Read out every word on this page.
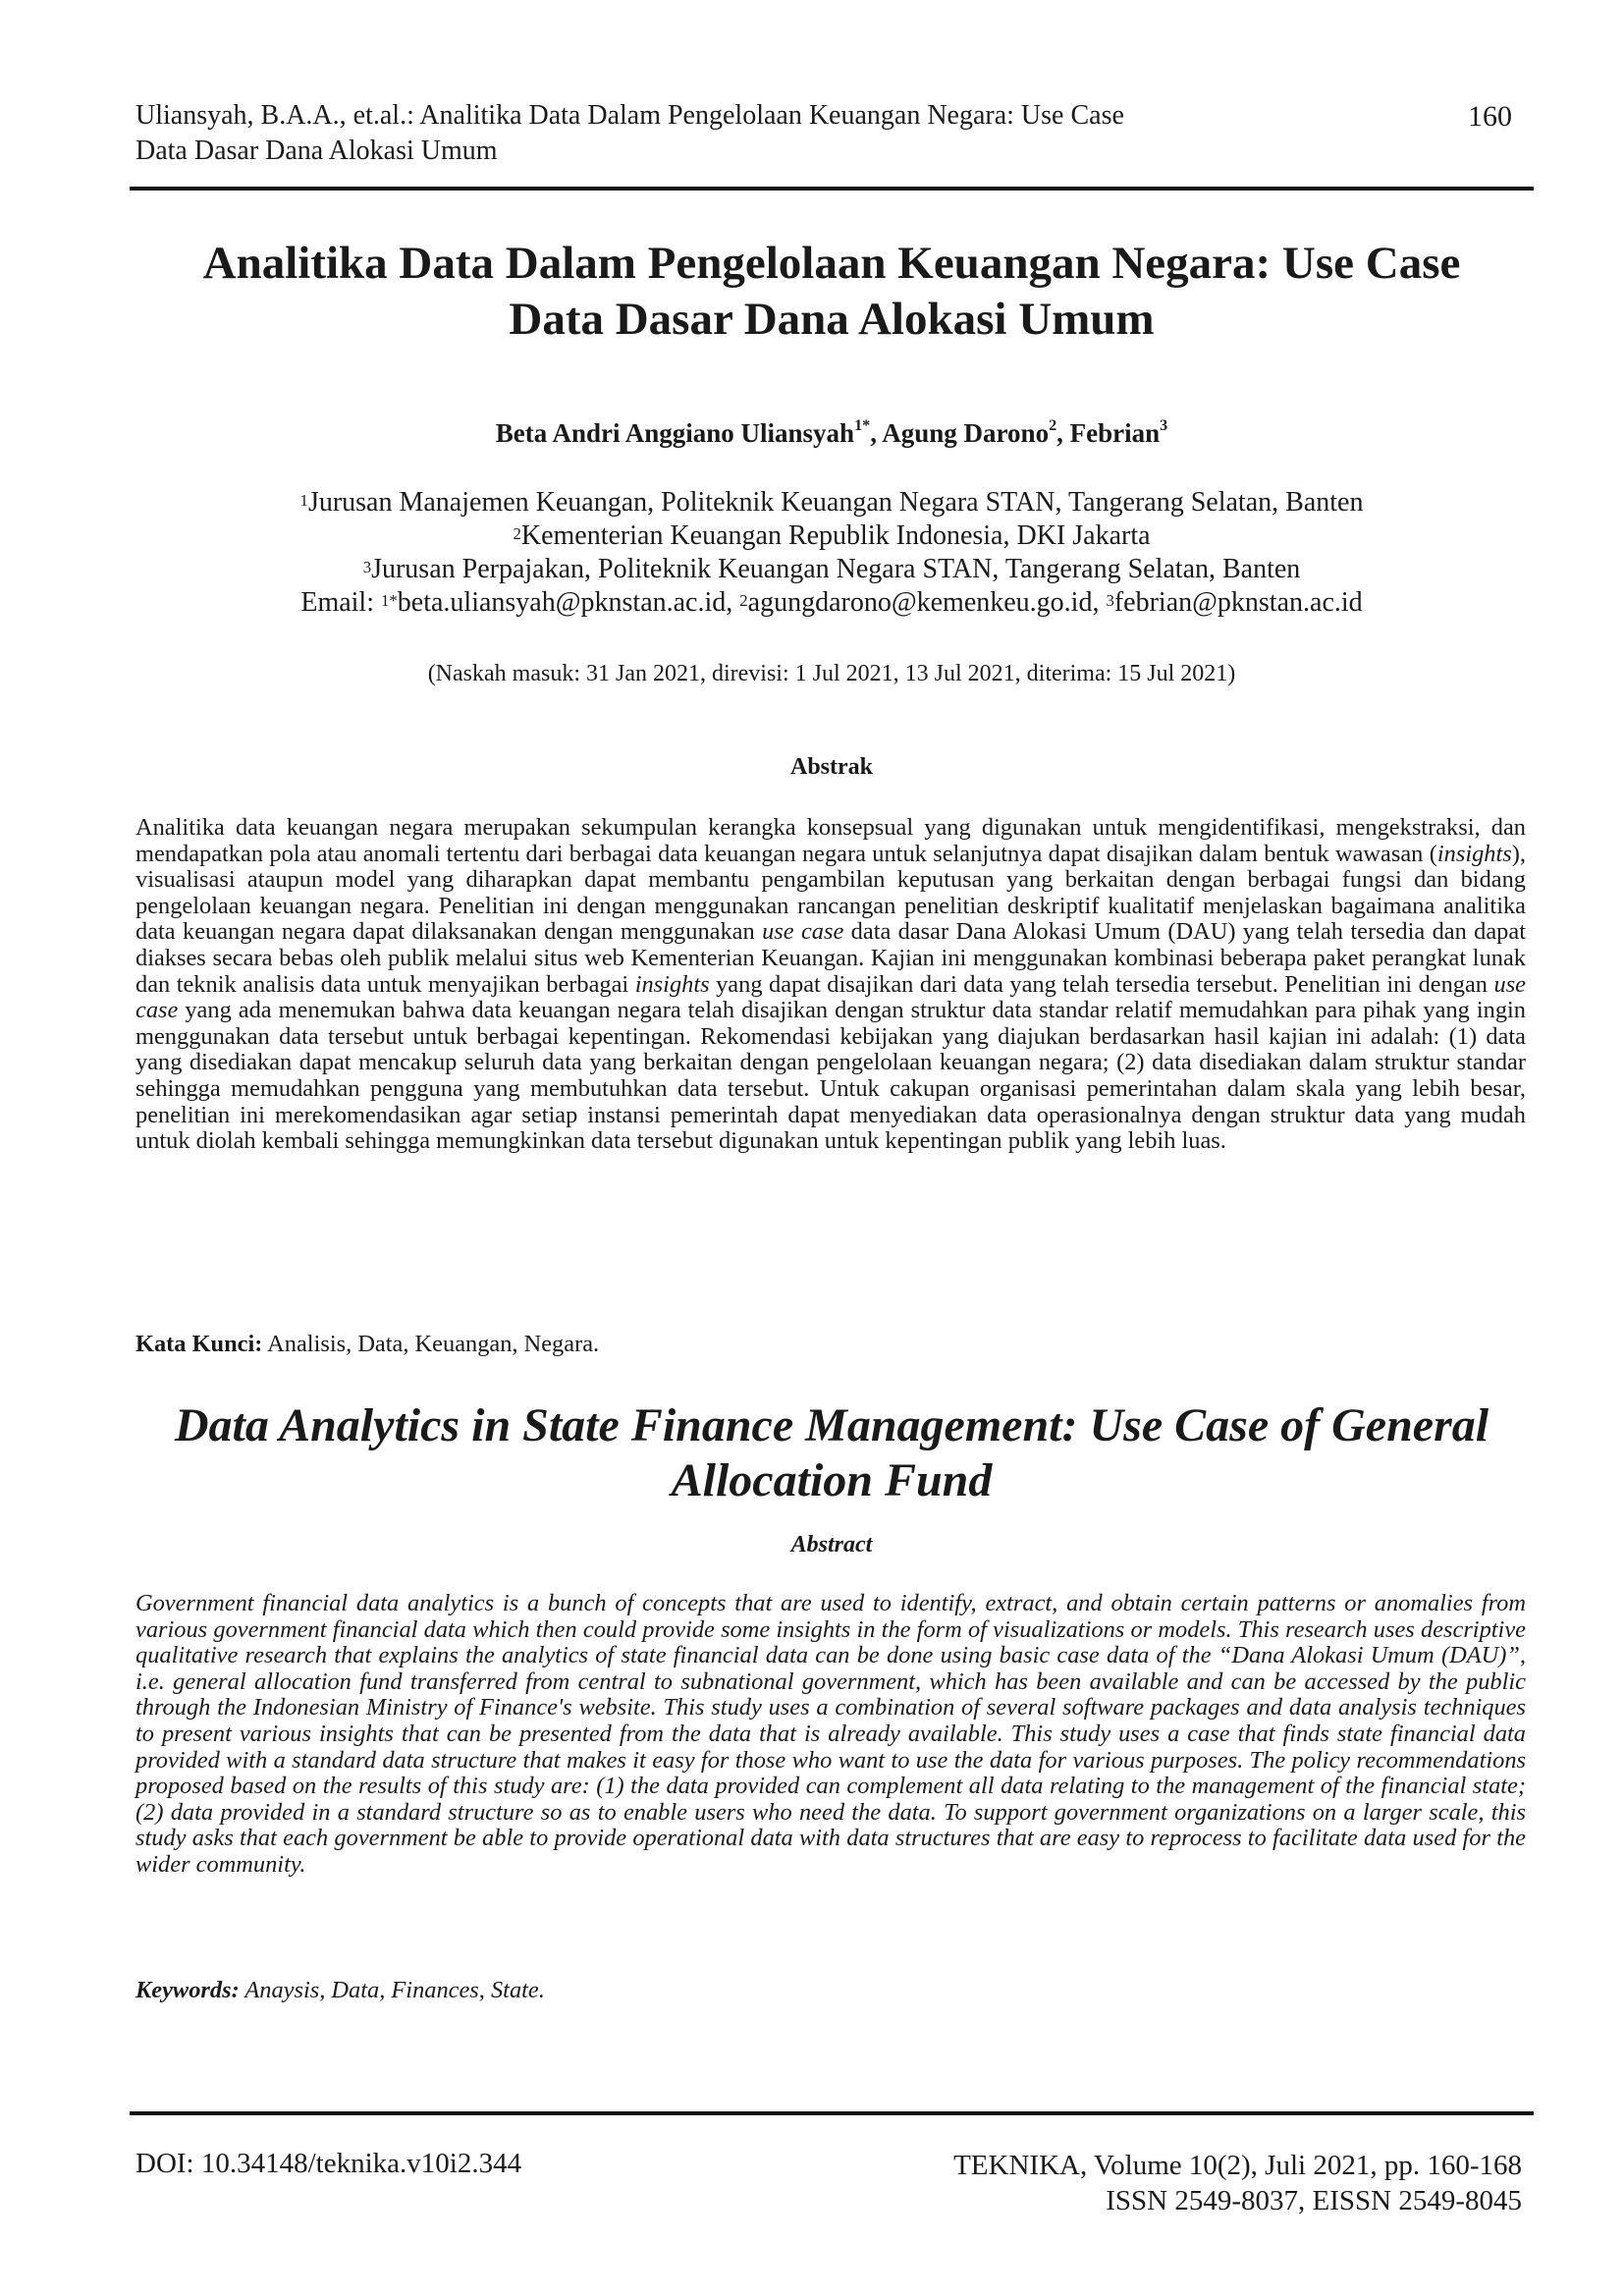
Uliansyah, B.A.A., et.al.: Analitika Data Dalam Pengelolaan Keuangan Negara: Use Case
Data Dasar Dana Alokasi Umum
160
Analitika Data Dalam Pengelolaan Keuangan Negara: Use Case
Data Dasar Dana Alokasi Umum
Beta Andri Anggiano Uliansyah$^{1*}$, Agung Darono$^2$, Febrian$^3$
$^1$Jurusan Manajemen Keuangan, Politeknik Keuangan Negara STAN, Tangerang Selatan, Banten
$^2$Kementerian Keuangan Republik Indonesia, DKI Jakarta
$^3$Jurusan Perpajakan, Politeknik Keuangan Negara STAN, Tangerang Selatan, Banten
Email: $^{1*}$beta.uliansyah@pknstan.ac.id, $^2$agungdarono@kemenkeu.go.id, $^3$febrian@pknstan.ac.id
(Naskah masuk: 31 Jan 2021, direvisi: 1 Jul 2021, 13 Jul 2021, diterima: 15 Jul 2021)
Abstrak
Analitika data keuangan negara merupakan sekumpulan kerangka konsepsual yang digunakan untuk mengidentifikasi, mengekstraksi, dan mendapatkan pola atau anomali tertentu dari berbagai data keuangan negara untuk selanjutnya dapat disajikan dalam bentuk wawasan (insights), visualisasi ataupun model yang diharapkan dapat membantu pengambilan keputusan yang berkaitan dengan berbagai fungsi dan bidang pengelolaan keuangan negara. Penelitian ini dengan menggunakan rancangan penelitian deskriptif kualitatif menjelaskan bagaimana analitika data keuangan negara dapat dilaksanakan dengan menggunakan use case data dasar Dana Alokasi Umum (DAU) yang telah tersedia dan dapat diakses secara bebas oleh publik melalui situs web Kementerian Keuangan. Kajian ini menggunakan kombinasi beberapa paket perangkat lunak dan teknik analisis data untuk menyajikan berbagai insights yang dapat disajikan dari data yang telah tersedia tersebut. Penelitian ini dengan use case yang ada menemukan bahwa data keuangan negara telah disajikan dengan struktur data standar relatif memudahkan para pihak yang ingin menggunakan data tersebut untuk berbagai kepentingan. Rekomendasi kebijakan yang diajukan berdasarkan hasil kajian ini adalah: (1) data yang disediakan dapat mencakup seluruh data yang berkaitan dengan pengelolaan keuangan negara; (2) data disediakan dalam struktur standar sehingga memudahkan pengguna yang membutuhkan data tersebut. Untuk cakupan organisasi pemerintahan dalam skala yang lebih besar, penelitian ini merekomendasikan agar setiap instansi pemerintah dapat menyediakan data operasionalnya dengan struktur data yang mudah untuk diolah kembali sehingga memungkinkan data tersebut digunakan untuk kepentingan publik yang lebih luas.
Kata Kunci: Analisis, Data, Keuangan, Negara.
Data Analytics in State Finance Management: Use Case of General
Allocation Fund
Abstract
Government financial data analytics is a bunch of concepts that are used to identify, extract, and obtain certain patterns or anomalies from various government financial data which then could provide some insights in the form of visualizations or models. This research uses descriptive qualitative research that explains the analytics of state financial data can be done using basic case data of the “Dana Alokasi Umum (DAU)”, i.e. general allocation fund transferred from central to subnational government, which has been available and can be accessed by the public through the Indonesian Ministry of Finance's website. This study uses a combination of several software packages and data analysis techniques to present various insights that can be presented from the data that is already available. This study uses a case that finds state financial data provided with a standard data structure that makes it easy for those who want to use the data for various purposes. The policy recommendations proposed based on the results of this study are: (1) the data provided can complement all data relating to the management of the financial state; (2) data provided in a standard structure so as to enable users who need the data. To support government organizations on a larger scale, this study asks that each government be able to provide operational data with data structures that are easy to reprocess to facilitate data used for the wider community.
Keywords: Anaysis, Data, Finances, State.
DOI: 10.34148/teknika.v10i2.344	TEKNIKA, Volume 10(2), Juli 2021, pp. 160-168
ISSN 2549-8037, EISSN 2549-8045
